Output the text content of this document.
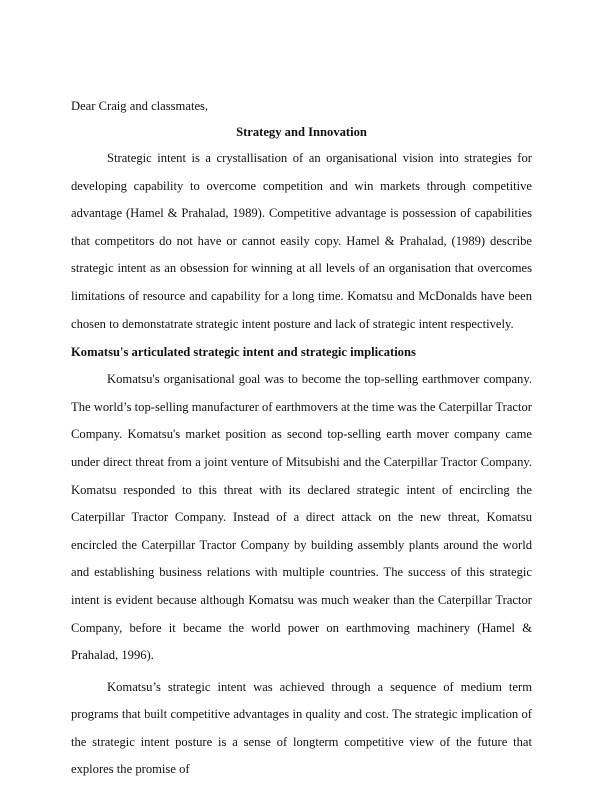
Dear Craig and classmates,

Strategy and Innovation

Strategic intent is a crystallisation of an organisational vision into strategies for developing capability to overcome competition and win markets through competitive advantage (Hamel & Prahalad, 1989). Competitive advantage is possession of capabilities that competitors do not have or cannot easily copy. Hamel & Prahalad, (1989) describe strategic intent as an obsession for winning at all levels of an organisation that overcomes limitations of resource and capability for a long time. Komatsu and McDonalds have been chosen to demonstatrate strategic intent posture and lack of strategic intent respectively.

Komatsu's articulated strategic intent and strategic implications

Komatsu's organisational goal was to become the top-selling earthmover company. The world’s top-selling manufacturer of earthmovers at the time was the Caterpillar Tractor Company. Komatsu's market position as second top-selling earth mover company came under direct threat from a joint venture of Mitsubishi and the Caterpillar Tractor Company. Komatsu responded to this threat with its declared strategic intent of encircling the Caterpillar Tractor Company. Instead of a direct attack on the new threat, Komatsu encircled the Caterpillar Tractor Company by building assembly plants around the world and establishing business relations with multiple countries. The success of this strategic intent is evident because although Komatsu was much weaker than the Caterpillar Tractor Company, before it became the world power on earthmoving machinery (Hamel & Prahalad, 1996).

Komatsu’s strategic intent was achieved through a sequence of medium term programs that built competitive advantages in quality and cost. The strategic implication of the strategic intent posture is a sense of longterm competitive view of the future that explores the promise of
